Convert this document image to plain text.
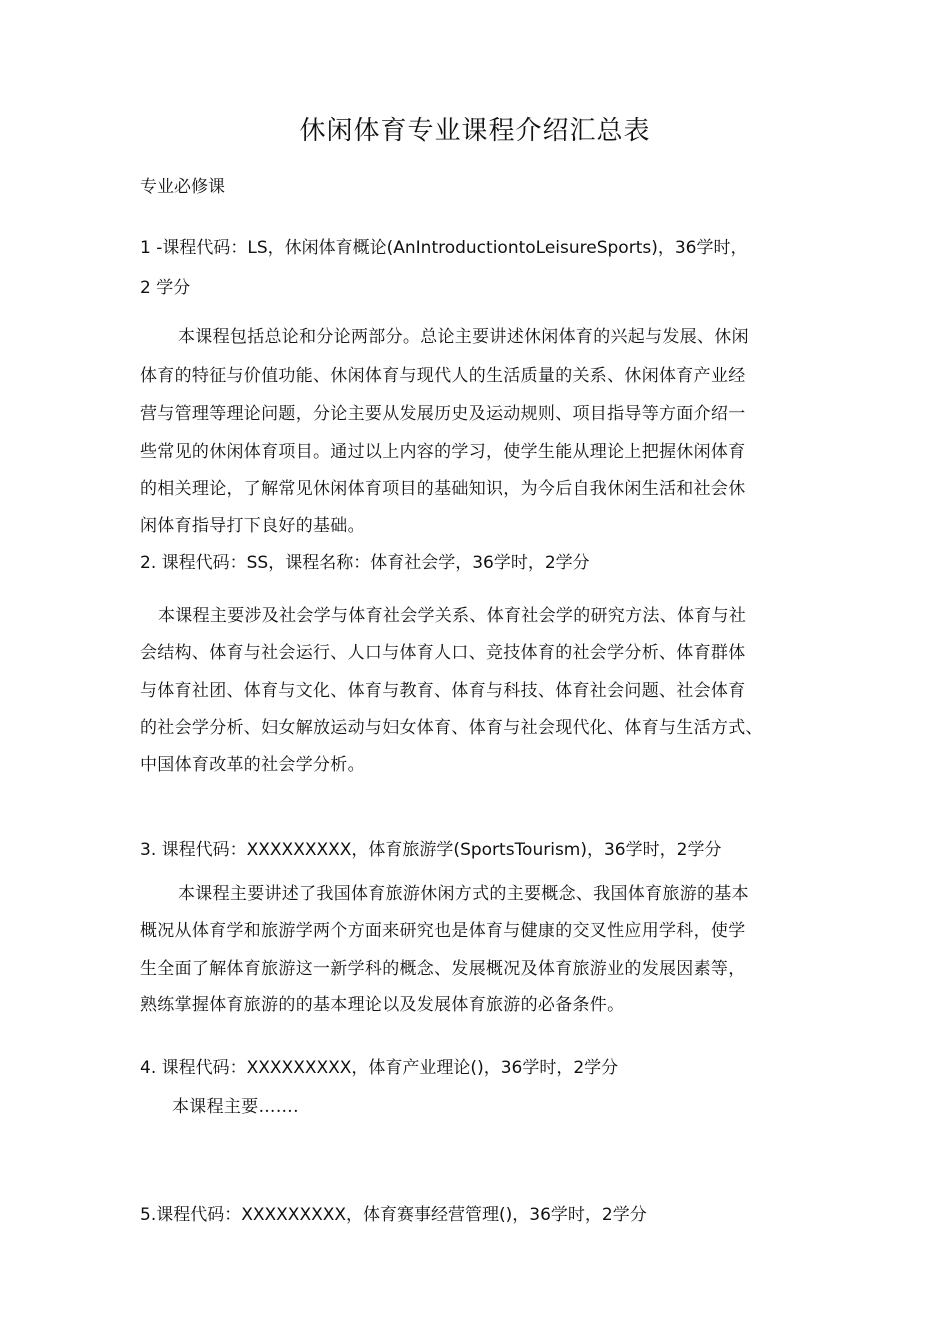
休闲体育专业课程介绍汇总表
专业必修课
1 -课程代码：LS，休闲体育概论(AnIntroductiontoLeisureSports)，36学时，
2 学分
本课程包括总论和分论两部分。总论主要讲述休闲体育的兴起与发展、休闲
体育的特征与价值功能、休闲体育与现代人的生活质量的关系、休闲体育产业经
营与管理等理论问题，分论主要从发展历史及运动规则、项目指导等方面介绍一
些常见的休闲体育项目。通过以上内容的学习，使学生能从理论上把握休闲体育
的相关理论，了解常见休闲体育项目的基础知识，为今后自我休闲生活和社会休
闲体育指导打下良好的基础。
2. 课程代码：SS，课程名称：体育社会学，36学时，2学分
本课程主要涉及社会学与体育社会学关系、体育社会学的研究方法、体育与社
会结构、体育与社会运行、人口与体育人口、竞技体育的社会学分析、体育群体
与体育社团、体育与文化、体育与教育、体育与科技、体育社会问题、社会体育
的社会学分析、妇女解放运动与妇女体育、体育与社会现代化、体育与生活方式、
中国体育改革的社会学分析。
3. 课程代码：XXXXXXXXX，体育旅游学(SportsTourism)，36学时，2学分
本课程主要讲述了我国体育旅游休闲方式的主要概念、我国体育旅游的基本
概况从体育学和旅游学两个方面来研究也是体育与健康的交叉性应用学科，使学
生全面了解体育旅游这一新学科的概念、发展概况及体育旅游业的发展因素等，
熟练掌握体育旅游的的基本理论以及发展体育旅游的必备条件。
4. 课程代码：XXXXXXXXX，体育产业理论()，36学时，2学分
本课程主要…….
5.课程代码：XXXXXXXXX，体育赛事经营管理()，36学时，2学分
